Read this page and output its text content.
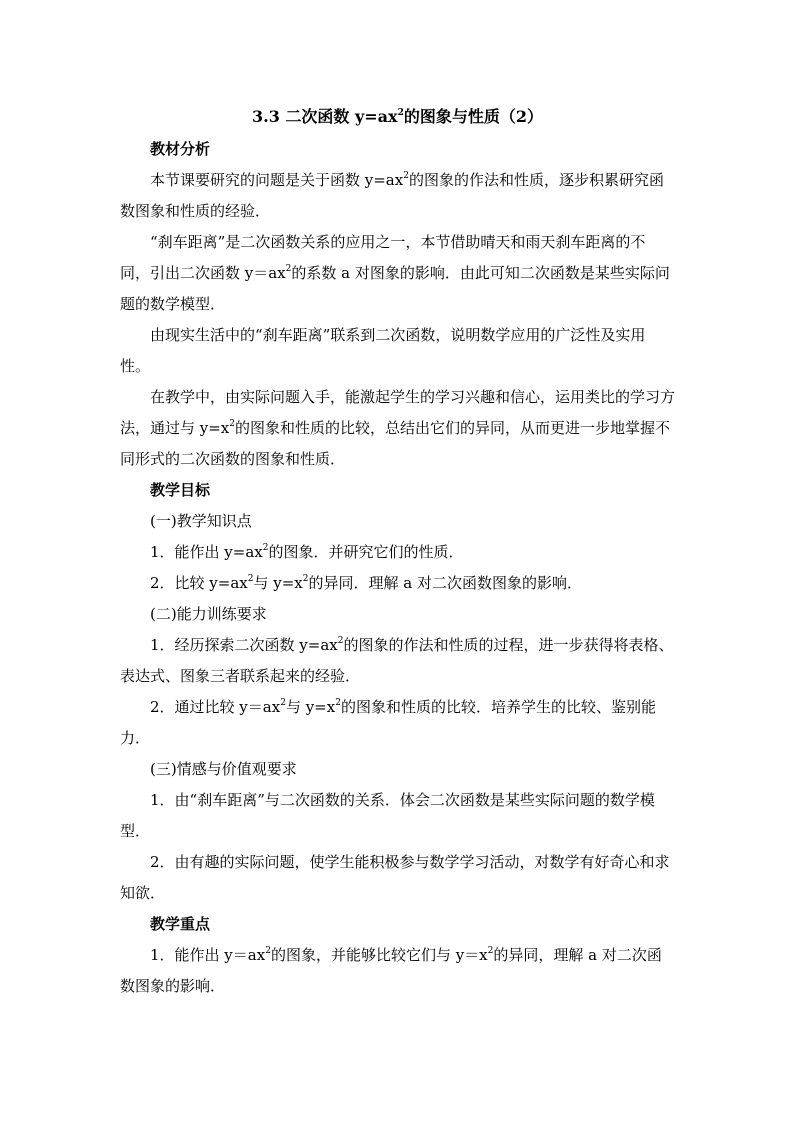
3.3 二次函数 $y=ax^2$的图象与性质（2）

教材分析

本节课要研究的问题是关于函数 $y=ax^2$的图象的作法和性质，逐步积累研究函数图象和性质的经验．

“刹车距离”是二次函数关系的应用之一，本节借助晴天和雨天刹车距离的不同，引出二次函数 $y=ax^2$的系数 a 对图象的影响．由此可知二次函数是某些实际问题的数学模型．

由现实生活中的“刹车距离”联系到二次函数，说明数学应用的广泛性及实用性。

在教学中，由实际问题入手，能激起学生的学习兴趣和信心，运用类比的学习方法，通过与 $y=x^2$的图象和性质的比较，总结出它们的异同，从而更进一步地掌握不同形式的二次函数的图象和性质．

教学目标

(一)教学知识点

1．能作出 $y=ax^2$的图象．并研究它们的性质．

2．比较 $y=ax^2$与 $y=x^2$的异同．理解 a 对二次函数图象的影响．

(二)能力训练要求

1．经历探索二次函数 $y=ax^2$的图象的作法和性质的过程，进一步获得将表格、表达式、图象三者联系起来的经验．

2．通过比较 $y=ax^2$与 $y=x^2$的图象和性质的比较．培养学生的比较、鉴别能力．

(三)情感与价值观要求

1．由“刹车距离”与二次函数的关系．体会二次函数是某些实际问题的数学模型．

2．由有趣的实际问题，使学生能积极参与数学学习活动，对数学有好奇心和求知欲．

教学重点

1．能作出 $y=ax^2$的图象，并能够比较它们与 $y=x^2$的异同，理解 a 对二次函数图象的影响．
